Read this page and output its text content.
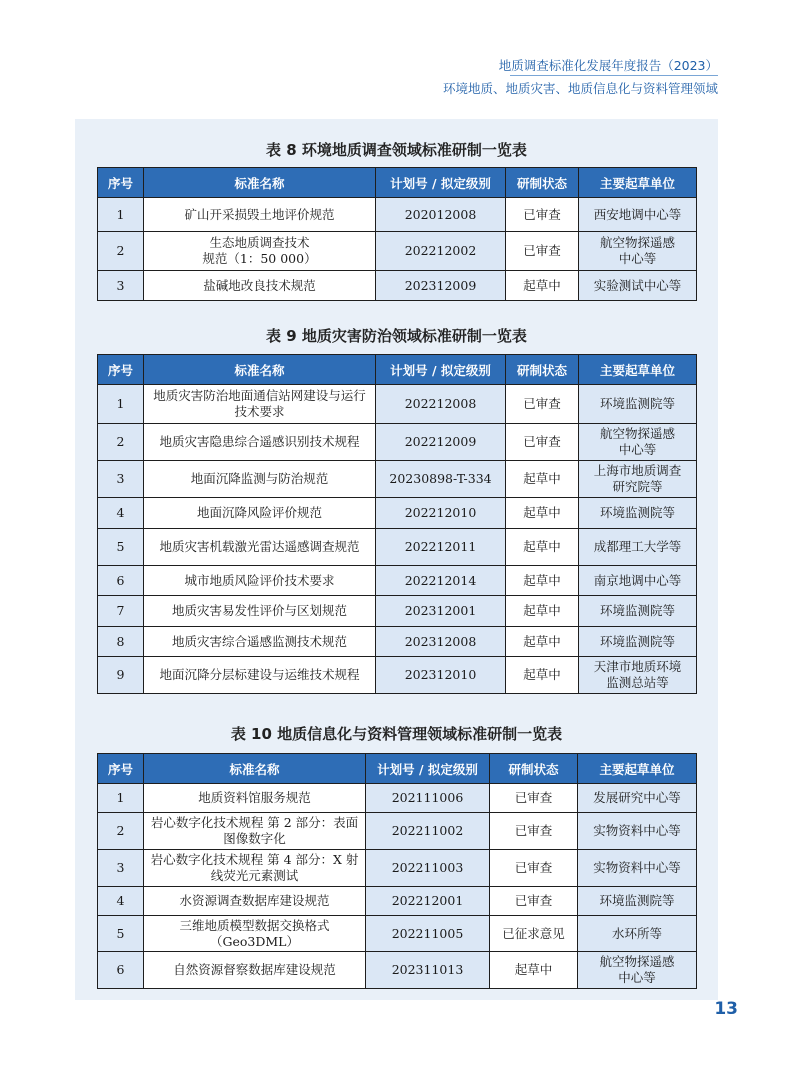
地质调查标准化发展年度报告（2023）
环境地质、地质灾害、地质信息化与资料管理领域
表 8 环境地质调查领域标准研制一览表
序号	标准名称	计划号 / 拟定级别	研制状态	主要起草单位
1	矿山开采损毁土地评价规范	202012008	已审查	西安地调中心等
2	生态地质调查技术
规范（1：50 000）	202212002	已审查	航空物探遥感
中心等
3	盐碱地改良技术规范	202312009	起草中	实验测试中心等
表 9 地质灾害防治领域标准研制一览表
序号	标准名称	计划号 / 拟定级别	研制状态	主要起草单位
1	地质灾害防治地面通信站网建设与运行
技术要求	202212008	已审查	环境监测院等
2	地质灾害隐患综合遥感识别技术规程	202212009	已审查	航空物探遥感
中心等
3	地面沉降监测与防治规范	20230898-T-334	起草中	上海市地质调查
研究院等
4	地面沉降风险评价规范	202212010	起草中	环境监测院等
5	地质灾害机载激光雷达遥感调查规范	202212011	起草中	成都理工大学等
6	城市地质风险评价技术要求	202212014	起草中	南京地调中心等
7	地质灾害易发性评价与区划规范	202312001	起草中	环境监测院等
8	地质灾害综合遥感监测技术规范	202312008	起草中	环境监测院等
9	地面沉降分层标建设与运维技术规程	202312010	起草中	天津市地质环境
监测总站等
表 10 地质信息化与资料管理领域标准研制一览表
序号	标准名称	计划号 / 拟定级别	研制状态	主要起草单位
1	地质资料馆服务规范	202111006	已审查	发展研究中心等
2	岩心数字化技术规程 第 2 部分：表面
图像数字化	202211002	已审查	实物资料中心等
3	岩心数字化技术规程 第 4 部分：X 射
线荧光元素测试	202211003	已审查	实物资料中心等
4	水资源调查数据库建设规范	202212001	已审查	环境监测院等
5	三维地质模型数据交换格式
（Geo3DML）	202211005	已征求意见	水环所等
6	自然资源督察数据库建设规范	202311013	起草中	航空物探遥感
中心等
13
